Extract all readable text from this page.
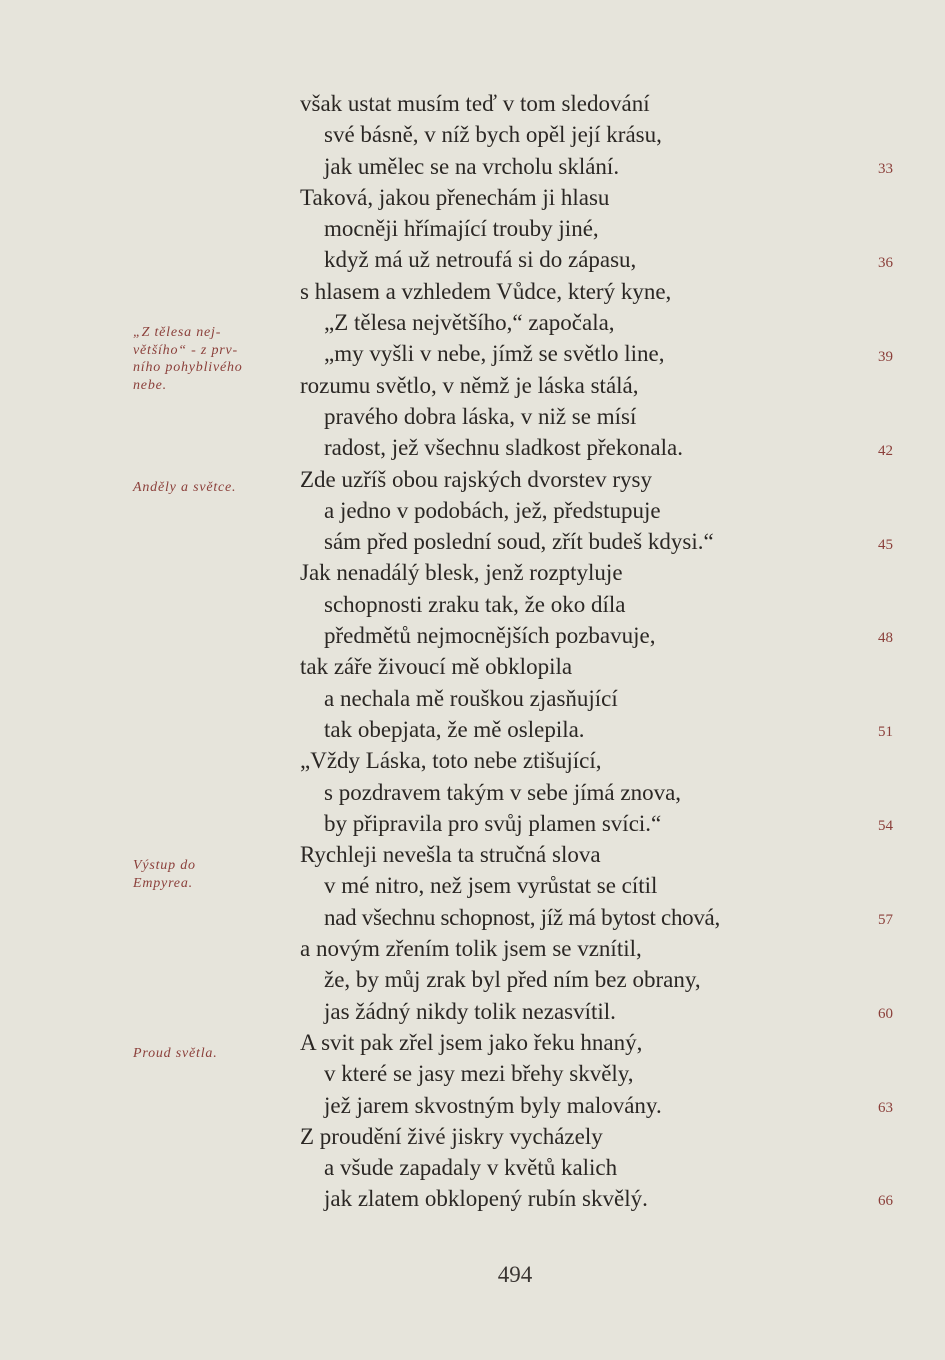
však ustat musím teď v tom sledování
své básně, v níž bych opěl její krásu,
jak umělec se na vrcholu sklání.
Taková, jakou přenechám ji hlasu
mocněji hřímající trouby jiné,
když má už netroufá si do zápasu,
s hlasem a vzhledem Vůdce, který kyne,
„Z tělesa největšího,“ započala,
„my vyšli v nebe, jímž se světlo line,
rozumu světlo, v němž je láska stálá,
pravého dobra láska, v niž se mísí
radost, jež všechnu sladkost překonala.
Zde uzříš obou rajských dvorstev rysy
a jedno v podobách, jež, předstupuje
sám před poslední soud, zřít budeš kdysi.“
Jak nenadálý blesk, jenž rozptyluje
schopnosti zraku tak, že oko díla
předmětů nejmocnějších pozbavuje,
tak záře živoucí mě obklopila
a nechala mě rouškou zjasňující
tak obepjata, že mě oslepila.
„Vždy Láska, toto nebe ztišující,
s pozdravem takým v sebe jímá znova,
by připravila pro svůj plamen svíci.“
Rychleji nevešla ta stručná slova
v mé nitro, než jsem vyrůstat se cítil
nad všechnu schopnost, jíž má bytost chová,
a novým zřením tolik jsem se vznítil,
že, by můj zrak byl před ním bez obrany,
jas žádný nikdy tolik nezasvítil.
A svit pak zřel jsem jako řeku hnaný,
v které se jasy mezi břehy skvěly,
jež jarem skvostným byly malovány.
Z proudění živé jiskry vycházely
a všude zapadaly v květů kalich
jak zlatem obklopený rubín skvělý.
33
36
39
42
45
48
51
54
57
60
63
66
„Z tělesa nej-
většího“ - z prv-
ního pohyblivého
nebe.
Anděly a světce.
Výstup do
Empyrea.
Proud světla.
494
